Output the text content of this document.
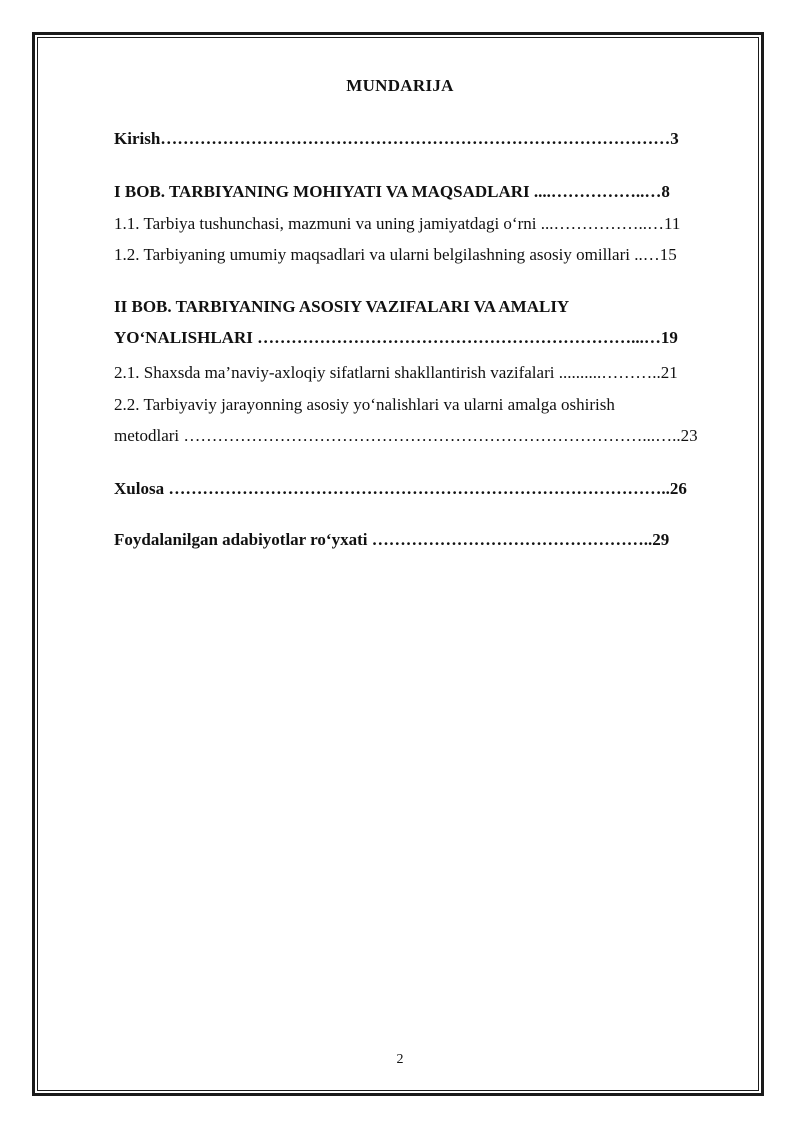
MUNDARIJA
Kirish………………………………………………………………………………3
I BOB. TARBIYANING MOHIYATI VA MAQSADLARI ....……………..…8
1.1. Tarbiya tushunchasi, mazmuni va uning jamiyatdagi o‘rni ...……………..…11
1.2. Tarbiyaning umumiy maqsadlari va ularni belgilashning asosiy omillari ..…15
II BOB. TARBIYANING ASOSIY VAZIFALARI VA AMALIY
YO‘NALISHLARI …………………………………………………………...…19
2.1. Shaxsda ma’naviy-axloqiy sifatlarni shakllantirish vazifalari ..........………..21
2.2. Tarbiyaviy jarayonning asosiy yo‘nalishlari va ularni amalga oshirish
metodlari ………………………………………………………………………...…..23
Xulosa ……………………………………………………………………………..26
Foydalanilgan adabiyotlar ro‘yxati …………………………………………..29
2
